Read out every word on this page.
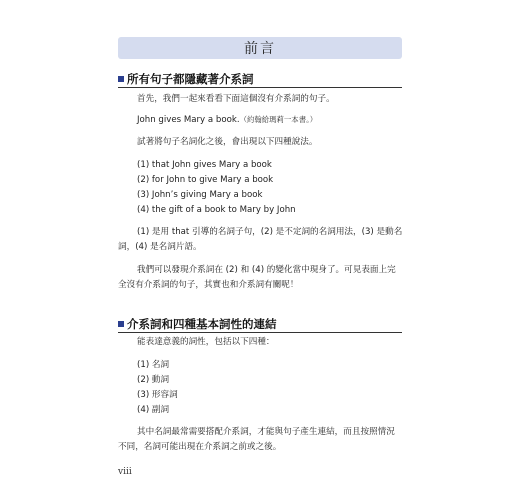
前言
所有句子都隱藏著介系詞
首先，我們一起來看看下面這個沒有介系詞的句子。
John gives Mary a book.（約翰給瑪莉一本書。）
試著將句子名詞化之後，會出現以下四種說法。
(1) that John gives Mary a book
(2) for John to give Mary a book
(3) John’s giving Mary a book
(4) the gift of a book to Mary by John
(1) 是用 that 引導的名詞子句，(2) 是不定詞的名詞用法，(3) 是動名
詞，(4) 是名詞片語。
我們可以發現介系詞在 (2) 和 (4) 的變化當中現身了。可見表面上完
全沒有介系詞的句子，其實也和介系詞有關呢！
介系詞和四種基本詞性的連結
能表達意義的詞性，包括以下四種：
(1) 名詞
(2) 動詞
(3) 形容詞
(4) 副詞
其中名詞最常需要搭配介系詞，才能與句子產生連結，而且按照情況
不同，名詞可能出現在介系詞之前或之後。
viii
